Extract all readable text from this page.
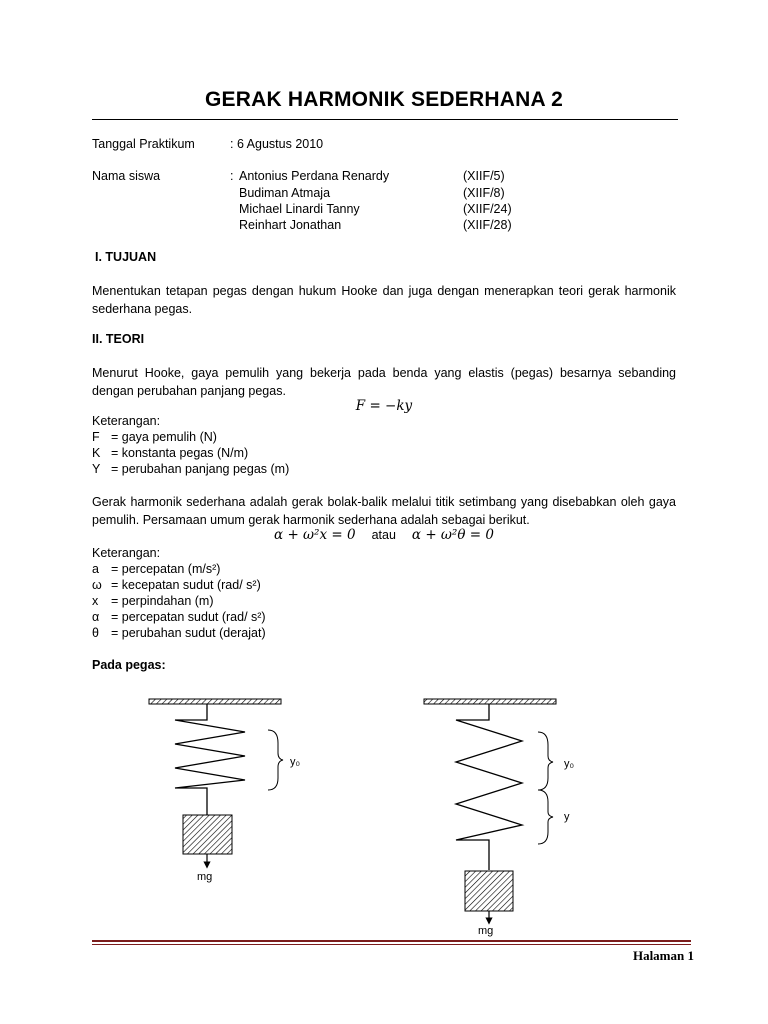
GERAK HARMONIK SEDERHANA 2
Tanggal Praktikum	: 6 Agustus 2010
Nama siswa	: Antonius Perdana Renardy	(XIIF/5)
Budiman Atmaja	(XIIF/8)
Michael Linardi Tanny	(XIIF/24)
Reinhart Jonathan	(XIIF/28)
I. TUJUAN
Menentukan tetapan pegas dengan hukum Hooke dan juga dengan menerapkan teori gerak harmonik sederhana pegas.
II. TEORI
Menurut Hooke, gaya pemulih yang bekerja pada benda yang elastis (pegas) besarnya sebanding dengan perubahan panjang pegas.
F = −ky
Keterangan:
F = gaya pemulih (N)
K = konstanta pegas (N/m)
Y = perubahan panjang pegas (m)
Gerak harmonik sederhana adalah gerak bolak-balik melalui titik setimbang yang disebabkan oleh gaya pemulih. Persamaan umum gerak harmonik sederhana adalah sebagai berikut.
α + ω²x = 0 atau α + ω²θ = 0
Keterangan:
a = percepatan (m/s²)
ω = kecepatan sudut (rad/ s²)
x = perpindahan (m)
α = percepatan sudut (rad/ s²)
θ = perubahan sudut (derajat)
Pada pegas:
mg
y₀
mg
y₀
y
Halaman 1
